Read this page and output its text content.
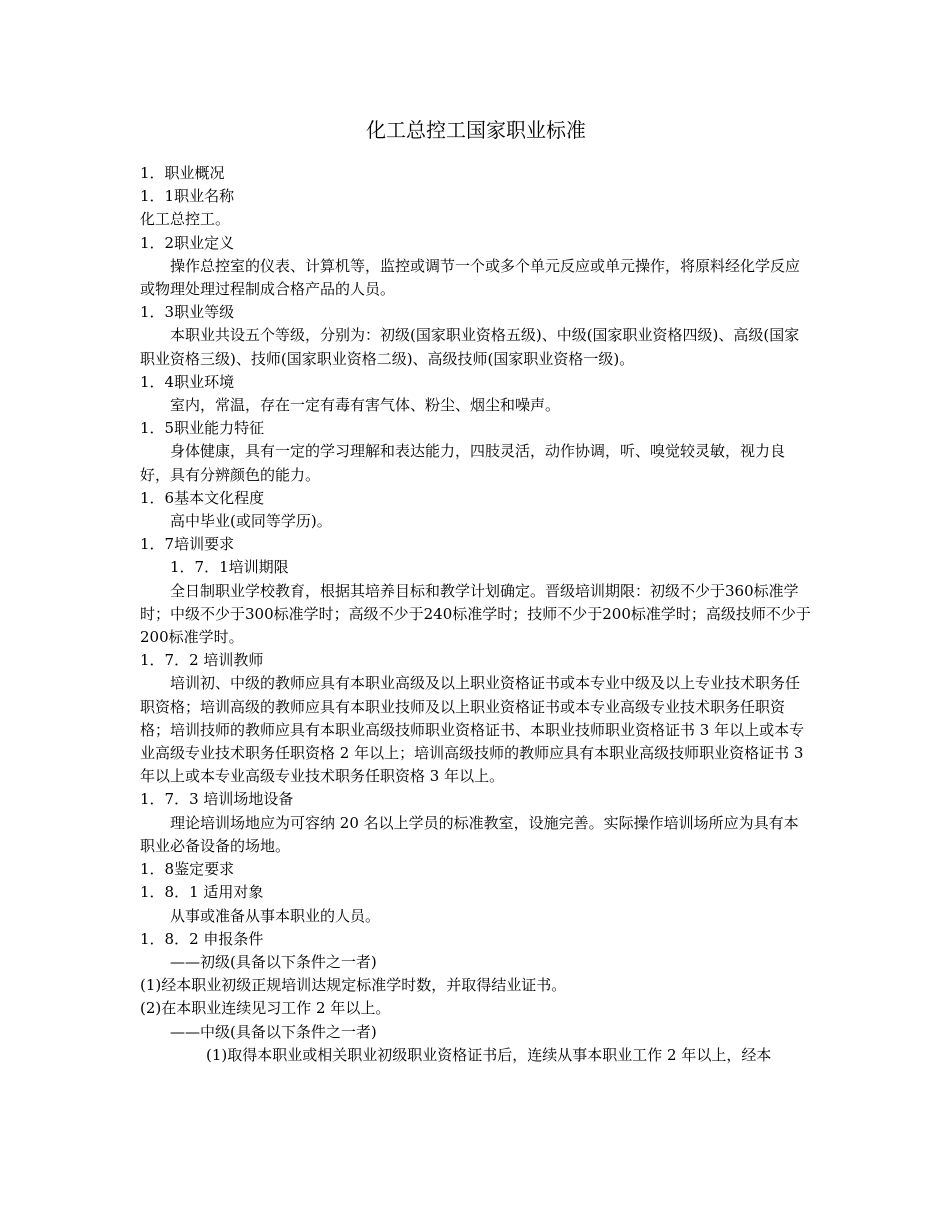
化工总控工国家职业标准

1．职业概况

1．1职业名称

化工总控工。

1．2职业定义

操作总控室的仪表、计算机等，监控或调节一个或多个单元反应或单元操作，将原料经化学反应或物理处理过程制成合格产品的人员。

1．3职业等级

本职业共设五个等级，分别为：初级(国家职业资格五级)、中级(国家职业资格四级)、高级(国家职业资格三级)、技师(国家职业资格二级)、高级技师(国家职业资格一级)。

1．4职业环境

室内，常温，存在一定有毒有害气体、粉尘、烟尘和噪声。

1．5职业能力特征

身体健康，具有一定的学习理解和表达能力，四肢灵活，动作协调，听、嗅觉较灵敏，视力良好，具有分辨颜色的能力。

1．6基本文化程度

高中毕业(或同等学历)。

1．7培训要求

1．7．1培训期限

全日制职业学校教育，根据其培养目标和教学计划确定。晋级培训期限：初级不少于360标准学时；中级不少于300标准学时；高级不少于240标准学时；技师不少于200标准学时；高级技师不少于200标准学时。

1．7．2 培训教师

培训初、中级的教师应具有本职业高级及以上职业资格证书或本专业中级及以上专业技术职务任职资格；培训高级的教师应具有本职业技师及以上职业资格证书或本专业高级专业技术职务任职资格；培训技师的教师应具有本职业高级技师职业资格证书、本职业技师职业资格证书 3 年以上或本专业高级专业技术职务任职资格 2 年以上；培训高级技师的教师应具有本职业高级技师职业资格证书 3 年以上或本专业高级专业技术职务任职资格 3 年以上。

1．7．3 培训场地设备

理论培训场地应为可容纳 20 名以上学员的标准教室，设施完善。实际操作培训场所应为具有本职业必备设备的场地。

1．8鉴定要求

1．8．1 适用对象

从事或准备从事本职业的人员。

1．8．2 申报条件

——初级(具备以下条件之一者)

(1)经本职业初级正规培训达规定标准学时数，并取得结业证书。

(2)在本职业连续见习工作 2 年以上。

——中级(具备以下条件之一者)

(1)取得本职业或相关职业初级职业资格证书后，连续从事本职业工作 2 年以上，经本
